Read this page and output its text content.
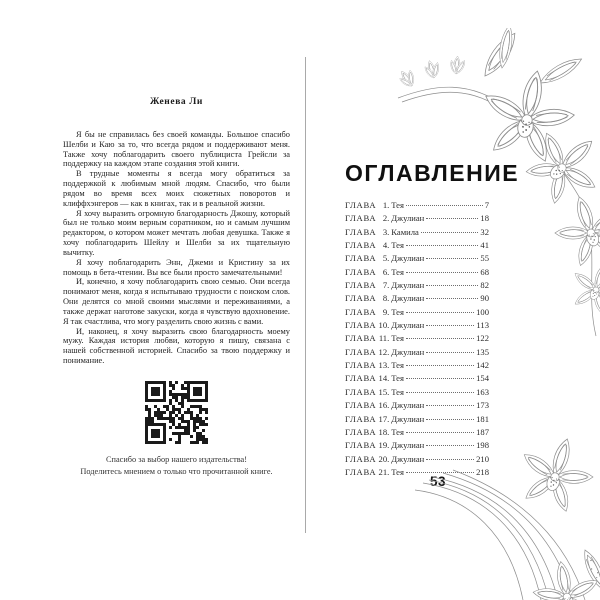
Женева Ли

Я бы не справилась без своей команды. Большое спасибо Шелби и Каю за то, что всегда рядом и поддерживают меня. Также хочу поблагодарить своего публициста Грейсли за поддержку на каждом этапе создания этой книги.

В трудные моменты я всегда могу обратиться за поддержкой к любимым мной людям. Спасибо, что были рядом во время всех моих сюжетных поворотов и клиффхэнгеров — как в книгах, так и в реальной жизни.

Я хочу выразить огромную благодарность Джошу, который был не только моим верным соратником, но и самым лучшим редактором, о котором может мечтать любая девушка. Также я хочу поблагодарить Шейлу и Шелби за их тщательную вычитку.

Я хочу поблагодарить Энн, Джеми и Кристину за их помощь в бета-чтении. Вы все были просто замечательными!

И, конечно, я хочу поблагодарить свою семью. Они всегда понимают меня, когда я испытываю трудности с поиском слов. Они делятся со мной своими мыслями и переживаниями, а также держат наготове закуски, когда я чувствую вдохновение. Я так счастлива, что могу разделить свою жизнь с вами.

И, наконец, я хочу выразить свою благодарность моему мужу. Каждая история любви, которую я пишу, связана с нашей собственной историей. Спасибо за твою поддержку и понимание.

Спасибо за выбор нашего издательства!
Поделитесь мнением о только что прочитанной книге.
ОГЛАВЛЕНИЕ
ГЛАВА 1. Тея	7
ГЛАВА 2. Джулиан	18
ГЛАВА 3. Камила	32
ГЛАВА 4. Тея	41
ГЛАВА 5. Джулиан	55
ГЛАВА 6. Тея	68
ГЛАВА 7. Джулиан	82
ГЛАВА 8. Джулиан	90
ГЛАВА 9. Тея	100
ГЛАВА 10. Джулиан	113
ГЛАВА 11. Тея	122
ГЛАВА 12. Джулиан	135
ГЛАВА 13. Тея	142
ГЛАВА 14. Тея	154
ГЛАВА 15. Тея	163
ГЛАВА 16. Джулиан	173
ГЛАВА 17. Джулиан	181
ГЛАВА 18. Тея	187
ГЛАВА 19. Джулиан	198
ГЛАВА 20. Джулиан	210
ГЛАВА 21. Тея	218
53
